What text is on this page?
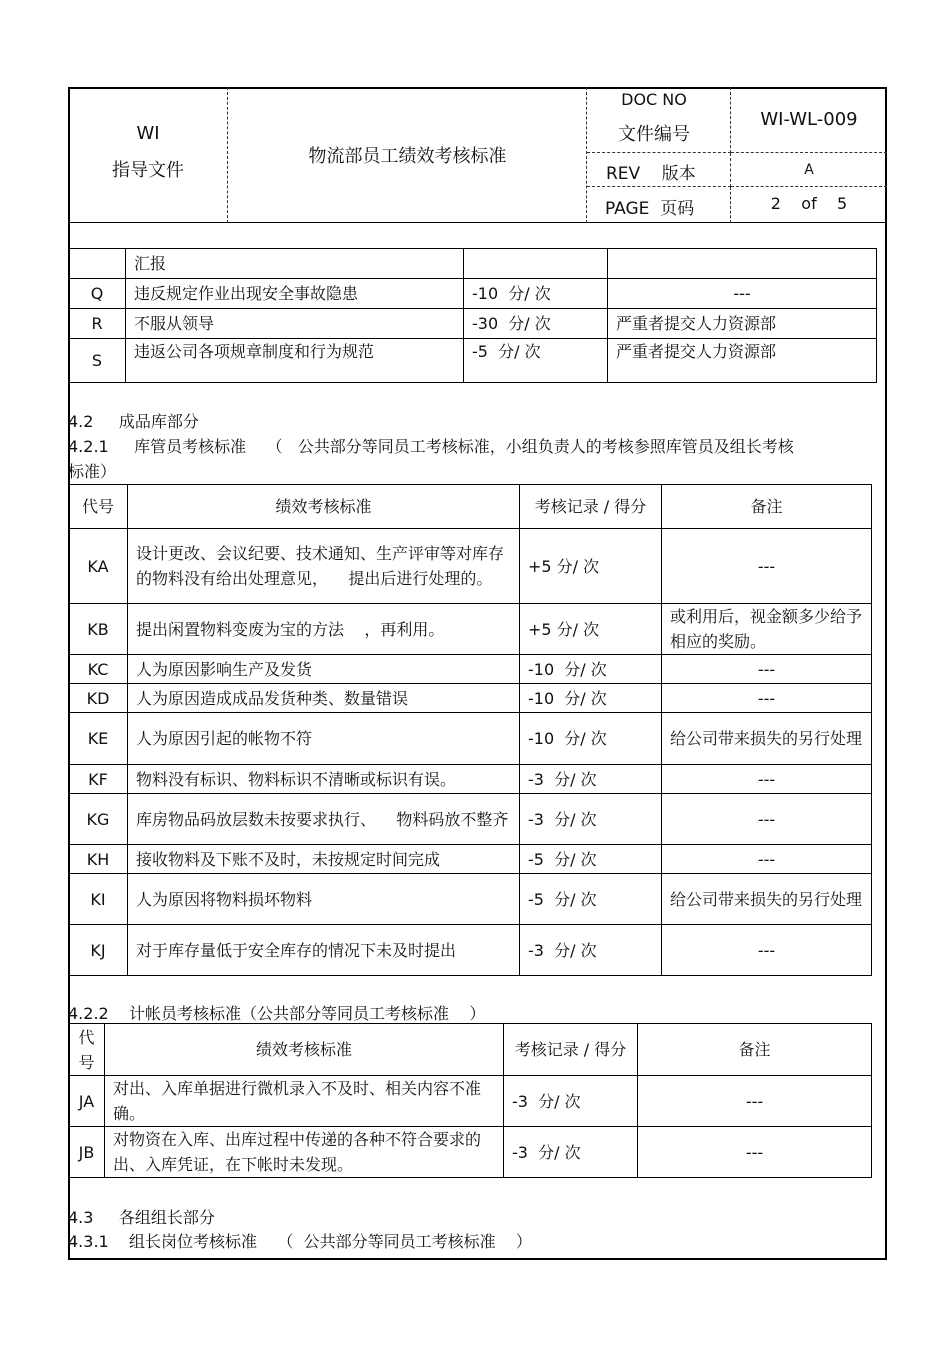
WI
指导文件
物流部员工绩效考核标准
DOC NO
文件编号
WI-WL-009
REV    版本	A
PAGE  页码	2    of    5
	汇报		
Q	违反规定作业出现安全事故隐患	-10  分/ 次	---
R	不服从领导	-30  分/ 次	严重者提交人力资源部
S	违返公司各项规章制度和行为规范	-5  分/ 次	严重者提交人力资源部
4.2     成品库部分
4.2.1     库管员考核标准    （   公共部分等同员工考核标准，小组负责人的考核参照库管员及组长考核
标准）
代号	绩效考核标准	考核记录 / 得分	备注
KA	设计更改、会议纪要、技术通知、生产评审等对库存的物料没有给出处理意见，    提出后进行处理的。	+5 分/ 次	---
KB	提出闲置物料变废为宝的方法    ，再利用。	+5 分/ 次	或利用后，视金额多少给予相应的奖励。
KC	人为原因影响生产及发货	-10  分/ 次	---
KD	人为原因造成成品发货种类、数量错误	-10  分/ 次	---
KE	人为原因引起的帐物不符	-10  分/ 次	给公司带来损失的另行处理
KF	物料没有标识、物料标识不清晰或标识有误。	-3  分/ 次	---
KG	库房物品码放层数未按要求执行、    物料码放不整齐	-3  分/ 次	---
KH	接收物料及下账不及时，未按规定时间完成	-5  分/ 次	---
KI	人为原因将物料损坏物料	-5  分/ 次	给公司带来损失的另行处理
KJ	对于库存量低于安全库存的情况下未及时提出	-3  分/ 次	---
4.2.2    计帐员考核标准（公共部分等同员工考核标准    ）
代号	绩效考核标准	考核记录 / 得分	备注
JA	对出、入库单据进行微机录入不及时、相关内容不准确。	-3  分/ 次	---
JB	对物资在入库、出库过程中传递的各种不符合要求的出、入库凭证，在下帐时未发现。	-3  分/ 次	---
4.3     各组组长部分
4.3.1    组长岗位考核标准    （  公共部分等同员工考核标准    ）
